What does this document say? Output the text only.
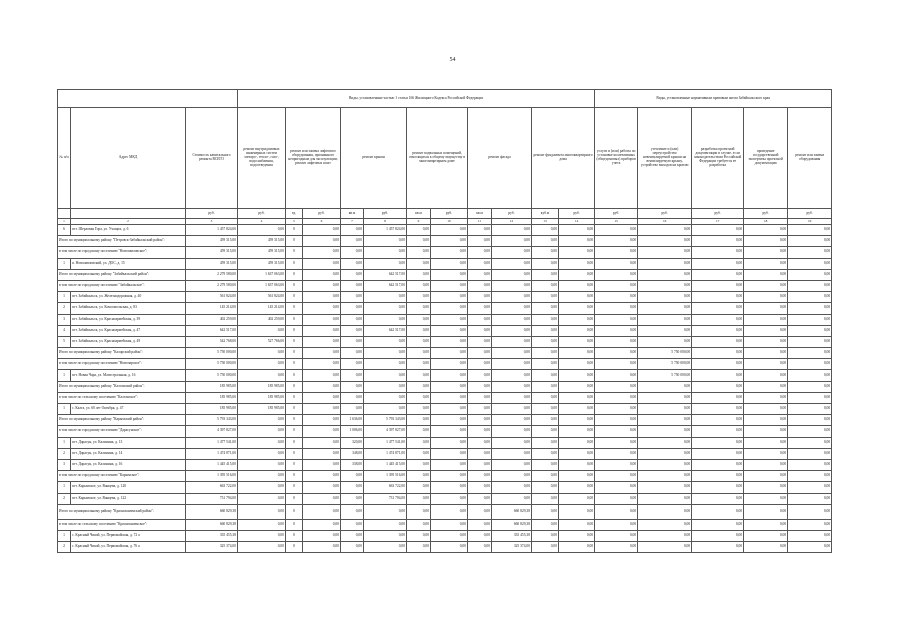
54
			Виды, установленные частью 1 статьи 166 Жилищного Кодекса Российской Федерации											Виды, установленные нормативным правовым актом Забайкальского края					
№ п/п	Адрес МКД	Стоимость капитального ремонта ВСЕГО	ремонт внутридомовых инженерных систем электро-, тепло-, газо-, водоснабжения, водоотведения	ремонт или замена лифтового оборудования, признанного непригодным для эксплуатации, ремонт лифтовых шахт		ремонт крыши		ремонт подвальных помещений, относящихся к общему имуществу в многоквартирном доме		ремонт фасада		ремонт фундамента многоквартирного дома		услуги и (или) работы по установке коллективных (общедомовых) приборов учета	утепление и (или) переустройство невентилируемой крыши на вентилируемую крышу, устройство выходов на кровлю	разработка проектной документации в случае, если законодательством Российской Федерации требуется ее разработка	проведение государственной экспертизы проектной документации	ремонт или замена оборудования	
		руб.	руб.	ед.	руб.	кв.м	руб.	кв.м	руб.	кв.м	руб.	куб.м	руб.	руб.	руб.	руб.	руб.	руб.	
1	2	3	4	5	6	7	8	9	10	11	12	13	14	15	16	17	18	19	
6	пгт. Шерловая Гора, ул. Учащих, д. 6	1 457 824,00	0,00	0	0,00	0,00	1 457 824,00	0,00	0,00	0,00	0,00	0,00	0,00	0,00	0,00	0,00	0,00	0,00	
Итого по муниципальному району "Петровск-Забайкальский район":		459 315,00	459 315,00	0	0,00	0,00	0,00	0,00	0,00	0,00	0,00	0,00	0,00	0,00	0,00	0,00	0,00	0,00	
в том числе по городскому поселению "Новопавловское":		459 315,00	459 315,00	0	0,00	0,00	0,00	0,00	0,00	0,00	0,00	0,00	0,00	0,00	0,00	0,00	0,00	0,00	
1	п. Новопавловский, ул. ДОС, д. 15	459 315,00	459 315,00	0	0,00	0,00	0,00	0,00	0,00	0,00	0,00	0,00	0,00	0,00	0,00	0,00	0,00	0,00	
Итого по муниципальному району "Забайкальский район":		2 279 580,00	1 637 063,00	0	0,00	0,00	642 517,00	0,00	0,00	0,00	0,00	0,00	0,00	0,00	0,00	0,00	0,00	0,00	
в том числе по городскому поселению "Забайкальское":		2 279 580,00	1 637 063,00	0	0,00	0,00	642 517,00	0,00	0,00	0,00	0,00	0,00	0,00	0,00	0,00	0,00	0,00	0,00	
1	пгт. Забайкальск, ул. Железнодорожная, д. 40	561 824,00	561 824,00	0	0,00	0,00	0,00	0,00	0,00	0,00	0,00	0,00	0,00	0,00	0,00	0,00	0,00	0,00	
2	пгт. Забайкальск, ул. Комсомольская, д. 83	145 214,00	145 214,00	0	0,00	0,00	0,00	0,00	0,00	0,00	0,00	0,00	0,00	0,00	0,00	0,00	0,00	0,00	
3	пгт. Забайкальск, ул. Красноармейская, д. 39	402 259,00	402 259,00	0	0,00	0,00	0,00	0,00	0,00	0,00	0,00	0,00	0,00	0,00	0,00	0,00	0,00	0,00	
4	пгт. Забайкальск, ул. Красноармейская, д. 47	642 517,00	0,00	0	0,00	0,00	642 517,00	0,00	0,00	0,00	0,00	0,00	0,00	0,00	0,00	0,00	0,00	0,00	
5	пгт. Забайкальск, ул. Красноармейская, д. 49	542 768,00	527 766,00	0	0,00	0,00	0,00	0,00	0,00	0,00	0,00	0,00	0,00	0,00	0,00	0,00	0,00	0,00	
Итого по муниципальному району "Каларский район":		5 750 000,00	0,00	0	0,00	0,00	0,00	0,00	0,00	0,00	0,00	0,00	0,00	0,00	5 750 000,00	0,00	0,00	0,00	
в том числе по городскому поселению "Новочарское":		5 750 000,00	0,00	0	0,00	0,00	0,00	0,00	0,00	0,00	0,00	0,00	0,00	0,00	5 750 000,00	0,00	0,00	0,00	
1	пгт. Новая Чара, ул. Магистральная, д. 16	5 750 000,00	0,00	0	0,00	0,00	0,00	0,00	0,00	0,00	0,00	0,00	0,00	0,00	5 750 000,00	0,00	0,00	0,00	
Итого по муниципальному району "Калганский район":		185 985,00	185 985,00	0	0,00	0,00	0,00	0,00	0,00	0,00	0,00	0,00	0,00	0,00	0,00	0,00	0,00	0,00	
в том числе по сельскому поселению "Калганское":		185 985,00	185 985,00	0	0,00	0,00	0,00	0,00	0,00	0,00	0,00	0,00	0,00	0,00	0,00	0,00	0,00	0,00	
1	с. Калга, ул. 60 лет Октября, д. 47	185 985,00	185 985,00	0	0,00	0,00	0,00	0,00	0,00	0,00	0,00	0,00	0,00	0,00	0,00	0,00	0,00	0,00	
Итого по муниципальному району "Карымский район":		5 793 343,00	0,00	0	0,00	1 636,00	5 793 343,00	0,00	0,00	0,00	0,00	0,00	0,00	0,00	0,00	0,00	0,00	0,00	
в том числе по городскому поселению "Дарасунское":		4 397 827,00	0,00	0	0,00	1 006,00	4 397 827,00	0,00	0,00	0,00	0,00	0,00	0,00	0,00	0,00	0,00	0,00	0,00	
1	пгт. Дарасун, ул. Калинина, д. 13	1 477 541,00	0,00	0	0,00	320,00	1 477 541,00	0,00	0,00	0,00	0,00	0,00	0,00	0,00	0,00	0,00	0,00	0,00	
2	пгт. Дарасун, ул. Калинина, д. 14	1 474 871,00	0,00	0	0,00	348,00	1 474 871,00	0,00	0,00	0,00	0,00	0,00	0,00	0,00	0,00	0,00	0,00	0,00	
3	пгт. Дарасун, ул. Калинина, д. 16	1 445 415,00	0,00	0	0,00	338,00	1 445 415,00	0,00	0,00	0,00	0,00	0,00	0,00	0,00	0,00	0,00	0,00	0,00	
в том числе по городскому поселению "Карымское":		1 395 516,00	0,00	0	0,00	0,00	1 395 516,00	0,00	0,00	0,00	0,00	0,00	0,00	0,00	0,00	0,00	0,00	0,00	
1	пгт. Карымское, ул. Ванцева, д. 120	663 722,00	0,00	0	0,00	0,00	663 722,00	0,00	0,00	0,00	0,00	0,00	0,00	0,00	0,00	0,00	0,00	0,00	
2	пгт. Карымское, ул. Ванцева, д. 122	731 794,00	0,00	0	0,00	0,00	731 794,00	0,00	0,00	0,00	0,00	0,00	0,00	0,00	0,00	0,00	0,00	0,00	
Итого по муниципальному району "Краснокаменский район":		660 829,38	0,00	0	0,00	0,00	0,00	0,00	0,00	0,00	660 829,38	0,00	0,00	0,00	0,00	0,00	0,00	0,00	
в том числе по сельскому поселению "Краснокаменское":		660 829,38	0,00	0	0,00	0,00	0,00	0,00	0,00	0,00	660 829,38	0,00	0,00	0,00	0,00	0,00	0,00	0,00	
1	с. Красный Чикой, ул. Первомайская, д. 72 а	335 455,38	0,00	0	0,00	0,00	0,00	0,00	0,00	0,00	335 455,38	0,00	0,00	0,00	0,00	0,00	0,00	0,00	
2	с. Красный Чикой, ул. Первомайская, д. 76 а	325 374,00	0,00	0	0,00	0,00	0,00	0,00	0,00	0,00	325 374,00	0,00	0,00	0,00	0,00	0,00	0,00	0,00	
